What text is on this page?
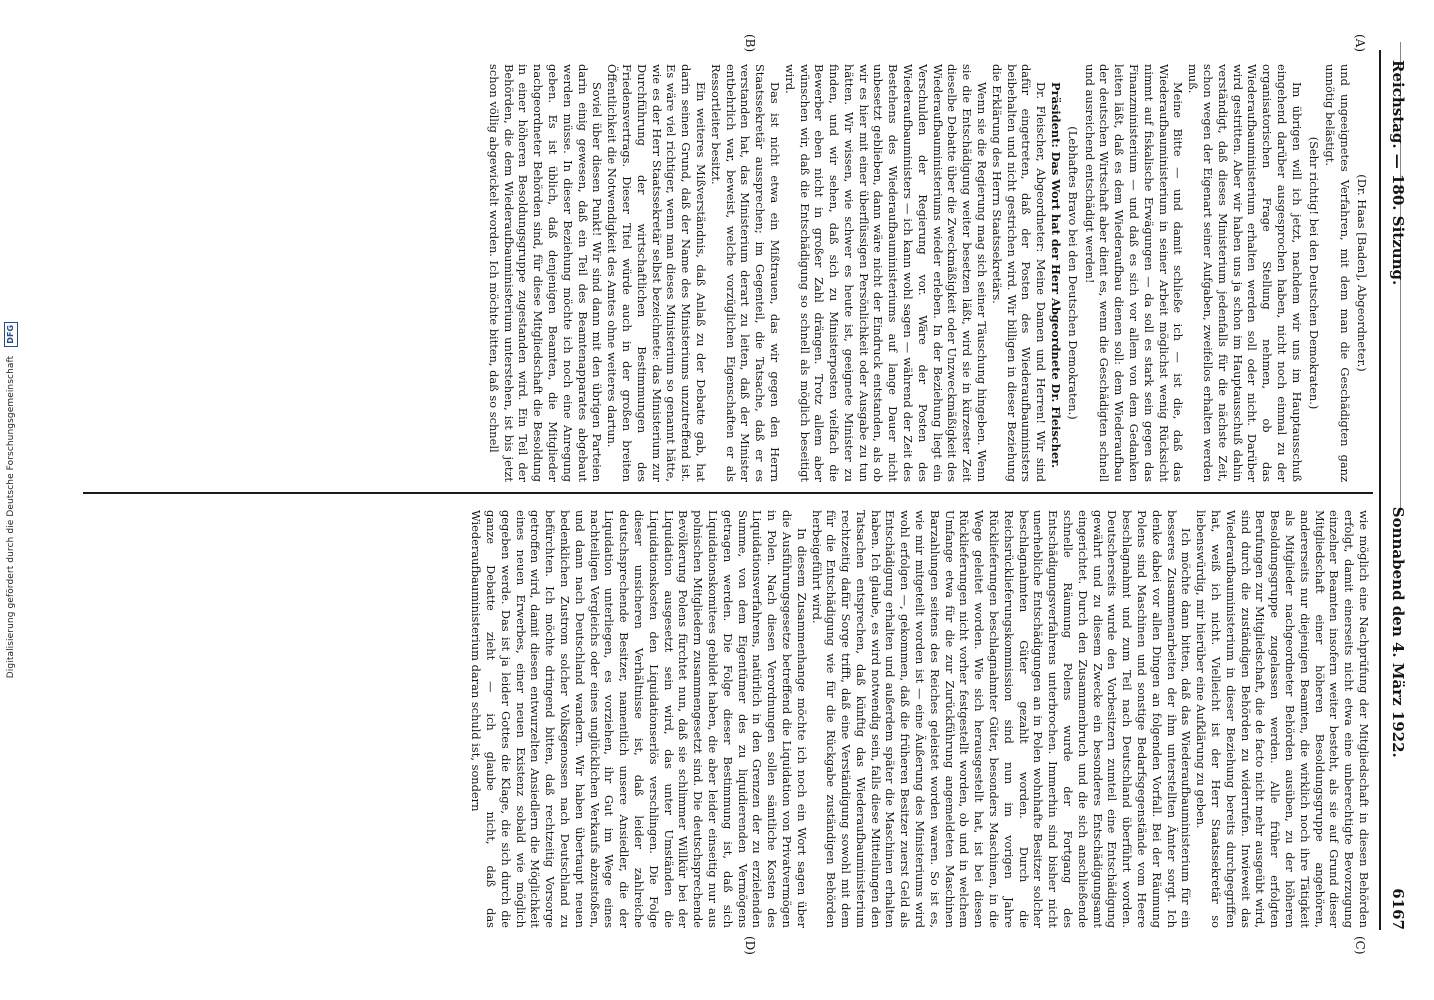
Digitalisierung gefördert durch die Deutsche Forschungsgemeinschaft DFG
Reichstag. — 180. Sitzung.
Sonnabend den 4. März 1922.  6167
(A)
(B)
(C)
(D)

(Dr. Haas [Baden], Abgeordneter.)

und ungeeignetes Verfahren, mit dem man die Geschädigten ganz unnötig belästigt.

(Sehr richtig! bei den Deutschen Demokraten.)

Im übrigen will ich jetzt, nachdem wir uns im Hauptausschuß eingehend darüber ausgesprochen haben, nicht noch einmal zu der organisatorischen Frage Stellung nehmen, ob das Wiederaufbauministerium erhalten werden soll oder nicht. Darüber wird gestritten. Aber wir haben uns ja schon im Hauptausschuß dahin verständigt, daß dieses Ministerium jedenfalls für die nächste Zeit, schon wegen der Eigenart seiner Aufgaben, zweifellos erhalten werden muß.

Meine Bitte — und damit schließe ich — ist die, daß das Wiederaufbauministerium in seiner Arbeit möglichst wenig Rücksicht nimmt auf fiskalische Erwägungen — da soll es stark sein gegen das Finanzministerium — und daß es sich vor allem von dem Gedanken leiten läßt, daß es dem Wiederaufbau dienen soll: dem Wiederaufbau der deutschen Wirtschaft aber dient es, wenn die Geschädigten schnell und ausreichend entschädigt werden!

(Lebhaftes Bravo bei den Deutschen Demokraten.)

Präsident: Das Wort hat der Herr Abgeordnete Dr. Fleischer.

Dr. Fleischer, Abgeordneter: Meine Damen und Herren! Wir sind dafür eingetreten, daß der Posten des Wiederaufbauministers beibehalten und nicht gestrichen wird. Wir billigen in dieser Beziehung die Erklärung des Herrn Staatssekretärs.

Wenn sie die Regierung mag sich seiner Täuschung hingeben. Wenn sie die Entschädigung weiter besetzen läßt, wird sie in kürzester Zeit dieselbe Debatte über die Zweckmäßigkeit oder Unzweckmäßigkeit des Wiederaufbauministeriums wieder erleben. In der Beziehung liegt ein Verschulden der Regierung vor. Wäre der Posten des Wiederaufbauministers — ich kann wohl sagen — während der Zeit des Bestehens des Wiederaufbauministeriums auf lange Dauer nicht unbesetzt geblieben, dann wäre nicht der Eindruck entstanden, als ob wir es hier mit einer überflüssigen Persönlichkeit oder Ausgabe zu tun hätten. Wir wissen, wie schwer es heute ist, geeignete Minister zu finden, und wir sehen, daß sich zu Ministerposten vielfach die Bewerber eben nicht in großer Zahl drängen. Trotz allem aber wünschen wir, daß die Entschädigung so schnell als möglich beseitigt wird.

Das ist nicht etwa ein Mißtrauen, das wir gegen den Herrn Staatssekretär aussprechen; im Gegenteil, die Tatsache, daß er es verstanden hat, das Ministerium derart zu leiten, daß der Minister entbehrlich war, beweist, welche vorzüglichen Eigenschaften er als Ressortleiter besitzt.

Ein weiteres Mißverständnis, daß Anlaß zu der Debatte gab, hat darin seinen Grund, daß der Name des Ministeriums unzutreffend ist. Es wäre viel richtiger, wenn man dieses Ministerium so genannt hätte, wie es der Herr Staatssekretär selbst bezeichnete: das Ministerium zur Durchführung der wirtschaftlichen Bestimmungen des Friedensvertrags. Dieser Titel würde auch in der großen breiten Öffentlichkeit die Notwendigkeit des Amtes ohne weiteres dartun.

Soviel über diesen Punkt! Wir sind dann mit den übrigen Parteien darin einig gewesen, daß ein Teil des Beamtenapparates abgebaut werden müsse. In dieser Beziehung möchte ich noch eine Anregung geben. Es ist üblich, daß denjenigen Beamten, die Mitglieder nachgeordneter Behörden sind, für diese Mitgliedschaft die Besoldung in einer höheren Besoldungsgruppe zugestanden wird. Ein Teil der Behörden, die dem Wiederaufbauministerium unterstehen, ist bis jetzt schon völlig abgewickelt worden. Ich möchte bitten, daß so schnell

wie möglich eine Nachprüfung der Mitgliedschaft in diesen Behörden erfolgt, damit einerseits nicht etwa eine unberechtigte Bevorzugung einzelner Beamten insofern weiter besteht, als sie auf Grund dieser Mitgliedschaft einer höheren Besoldungsgruppe angehören, andererseits nur diejenigen Beamten, die wirklich noch ihre Tätigkeit als Mitglieder nachgeordneter Behörden ausüben, zu der höheren Besoldungsgruppe zugelassen werden. Alle früher erfolgten Berufungen zur Mitgliedschaft, die de facto nicht mehr ausgeübt wird, sind durch die zuständigen Behörden zu widerrufen. Inwieweit das Wiederaufbauministerium in dieser Beziehung bereits durchgegriffen hat, weiß ich nicht. Vielleicht ist der Herr Staatssekretär so liebenswürdig, mir hierüber eine Aufklärung zu geben.

Ich möchte dann bitten, daß das Wiederaufbauministerium für ein besseres Zusammenarbeiten der ihm unterstellten Ämter sorgt. Ich denke dabei vor allen Dingen an folgenden Vorfall. Bei der Räumung Polens sind Maschinen und sonstige Bedarfsgegenstände vom Heere beschlagnahmt und zum Teil nach Deutschland überführt worden. Deutscherseits wurde den Vorbesitzern zumteil eine Entschädigung gewährt und zu diesem Zwecke ein besonderes Entschädigungsamt eingerichtet. Durch den Zusammenbruch und die sich anschließende schnelle Räumung Polens wurde der Fortgang des Entschädigungsverfahrens unterbrochen. Immerhin sind bisher nicht unerhebliche Entschädigungen an in Polen wohnhafte Besitzer solcher beschlagnahmten Güter gezahlt worden. Durch die Reichsrücklieferungskommission sind nun im vorigen Jahre Rücklieferungen beschlagnahmter Güter, besonders Maschinen, in die Wege geleitet worden. Wie sich herausgestellt hat, ist bei diesen Rücklieferungen nicht vorher festgestellt worden, ob und in welchem Umfange etwa für die zur Zurückführung angemeldeten Maschinen Barzahlungen seitens des Reiches geleistet worden waren. So ist es, wie mir mitgeteilt worden ist — eine Äußerung des Ministeriums wird wohl erfolgen —, gekommen, daß die früheren Besitzer zuerst Geld als Entschädigung erhalten und außerdem später die Maschinen erhalten haben. Ich glaube, es wird notwendig sein, falls diese Mitteilungen den Tatsachen entsprechen, daß künftig das Wiederaufbauministerium rechtzeitig dafür Sorge trifft, daß eine Verständigung sowohl mit dem für die Entschädigung wie für die Rückgabe zuständigen Behörden herbeigeführt wird.

In diesem Zusammenhange möchte ich noch ein Wort sagen über die Ausführungsgesetze betreffend die Liquidation von Privatvermögen in Polen. Nach diesen Verordnungen sollen sämtliche Kosten des Liquidationsverfahrens, natürlich in den Grenzen der zu erzielenden Summe, von dem Eigentümer des zu liquidierenden Vermögens getragen werden. Die Folge dieser Bestimmung ist, daß sich Liquidationskomitees gebildet haben, die aber leider einseitig nur aus polnischen Mitgliedern zusammengesetzt sind. Die deutschsprechende Bevölkerung Polens fürchtet nun, daß sie schlimmer Willkür bei der Liquidation ausgesetzt sein wird, das unter Umständen die Liquidationskosten den Liquidationserlös verschlingen. Die Folge dieser unsicheren Verhältnisse ist, daß leider zahlreiche deutschsprechende Besitzer, namentlich unsere Ansiedler, die der Liquidation unterliegen, es vorziehen, ihr Gut im Wege eines nachteiligen Vergleichs oder eines unglücklichen Verkaufs abzustoßen, und dann nach Deutschland wandern. Wir haben übertaupt neuen bedenklichen Zustrom solcher Volksgenossen nach Deutschland zu befürchten. Ich möchte dringend bitten, daß rechtzeitig Vorsorge getroffen wird, damit diesen entwurzelten Ansiedlern die Möglichkeit eines neuen Erwerbes, einer neuen Existenz sobald wie möglich gegeben werde. Das ist ja leider Gottes die Klage, die sich durch die ganze Debatte zieht — ich glaube nicht, daß das Wiederaufbauministerium daran schuld ist, sondern
